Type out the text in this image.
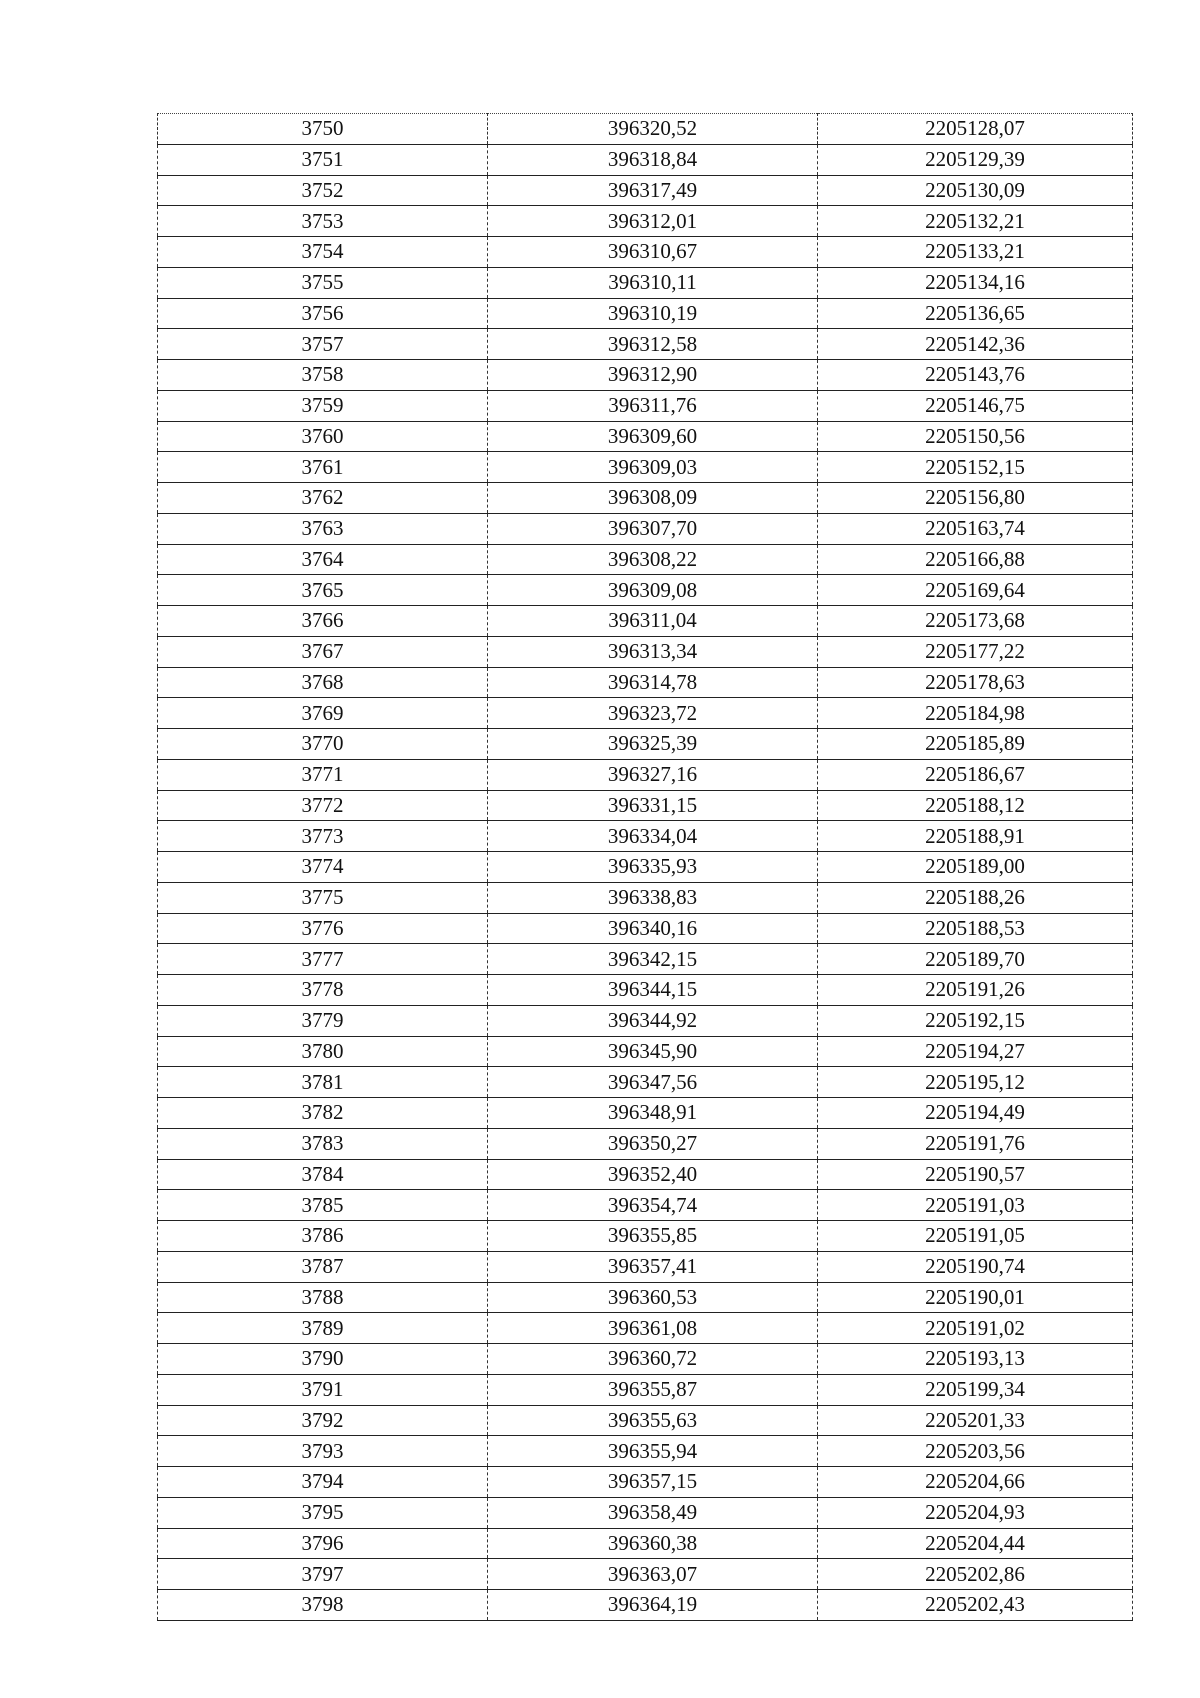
3750	396320,52	2205128,07
3751	396318,84	2205129,39
3752	396317,49	2205130,09
3753	396312,01	2205132,21
3754	396310,67	2205133,21
3755	396310,11	2205134,16
3756	396310,19	2205136,65
3757	396312,58	2205142,36
3758	396312,90	2205143,76
3759	396311,76	2205146,75
3760	396309,60	2205150,56
3761	396309,03	2205152,15
3762	396308,09	2205156,80
3763	396307,70	2205163,74
3764	396308,22	2205166,88
3765	396309,08	2205169,64
3766	396311,04	2205173,68
3767	396313,34	2205177,22
3768	396314,78	2205178,63
3769	396323,72	2205184,98
3770	396325,39	2205185,89
3771	396327,16	2205186,67
3772	396331,15	2205188,12
3773	396334,04	2205188,91
3774	396335,93	2205189,00
3775	396338,83	2205188,26
3776	396340,16	2205188,53
3777	396342,15	2205189,70
3778	396344,15	2205191,26
3779	396344,92	2205192,15
3780	396345,90	2205194,27
3781	396347,56	2205195,12
3782	396348,91	2205194,49
3783	396350,27	2205191,76
3784	396352,40	2205190,57
3785	396354,74	2205191,03
3786	396355,85	2205191,05
3787	396357,41	2205190,74
3788	396360,53	2205190,01
3789	396361,08	2205191,02
3790	396360,72	2205193,13
3791	396355,87	2205199,34
3792	396355,63	2205201,33
3793	396355,94	2205203,56
3794	396357,15	2205204,66
3795	396358,49	2205204,93
3796	396360,38	2205204,44
3797	396363,07	2205202,86
3798	396364,19	2205202,43
